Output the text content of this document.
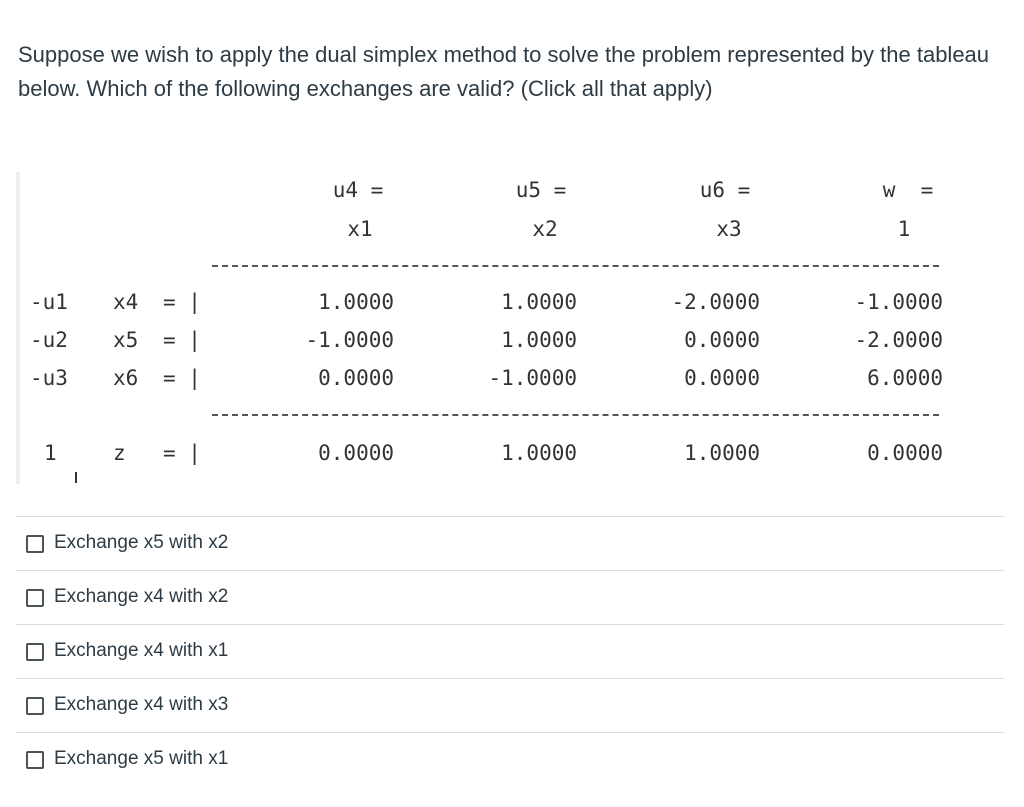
Suppose we wish to apply the dual simplex method to solve the problem represented by the tableau below. Which of the following exchanges are valid? (Click all that apply)

u4 =	u5 =	u6 =	w  =
x1	x2	x3	1
-u1 x4 = |	1.0000	1.0000	-2.0000	-1.0000
-u2 x5 = |	-1.0000	1.0000	0.0000	-2.0000
-u3 x6 = |	0.0000	-1.0000	0.0000	6.0000
1	z = |	0.0000	1.0000	1.0000	0.0000
Exchange x5 with x2
Exchange x4 with x2
Exchange x4 with x1
Exchange x4 with x3
Exchange x5 with x1
